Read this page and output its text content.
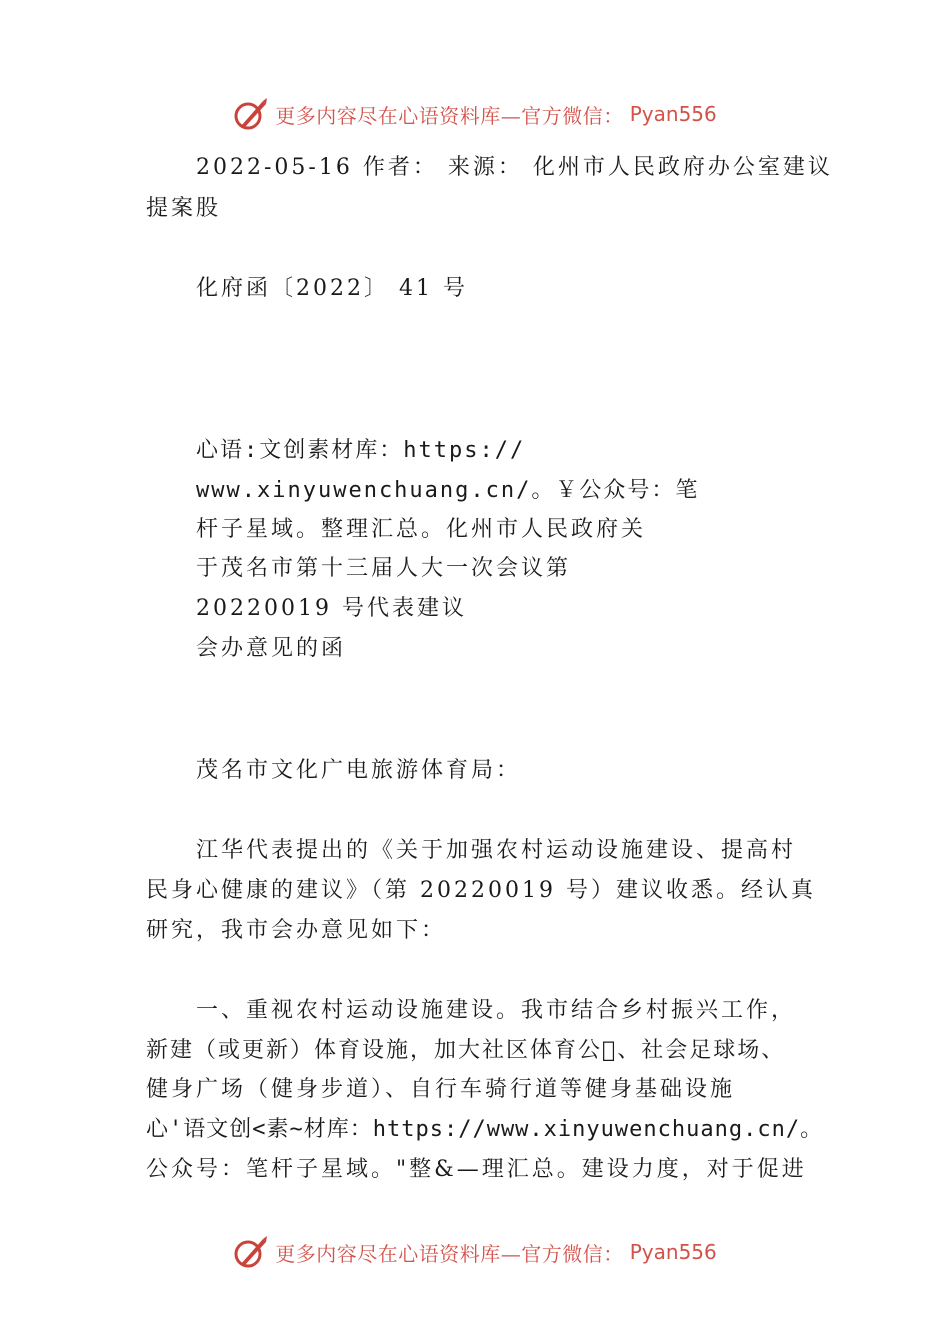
更多内容尽在心语资料库—官方微信： Pyan556
2022-05-16 作者： 来源： 化州市人民政府办公室建议
提案股
化府函〔2022〕 41 号
心语:文创素材库：https://
www.xinyuwenchuang.cn/。￥公众号：笔
杆子星域。整理汇总。化州市人民政府关
于茂名市第十三届人大一次会议第
20220019 号代表建议
会办意见的函
茂名市文化广电旅游体育局：
江华代表提出的《关于加强农村运动设施建设、提高村
民身心健康的建议》（第 20220019 号）建议收悉。经认真
研究，我市会办意见如下：
一、重视农村运动设施建设。我市结合乡村振兴工作，
新建（或更新）体育设施，加大社区体育公 、社会足球场、
健身广场（健身步道）、自行车骑行道等健身基础设施
心'语文创<素~材库：https://www.xinyuwenchuang.cn/。
公众号：笔杆子星域。"整&—理汇总。建设力度，对于促进
更多内容尽在心语资料库—官方微信： Pyan556
